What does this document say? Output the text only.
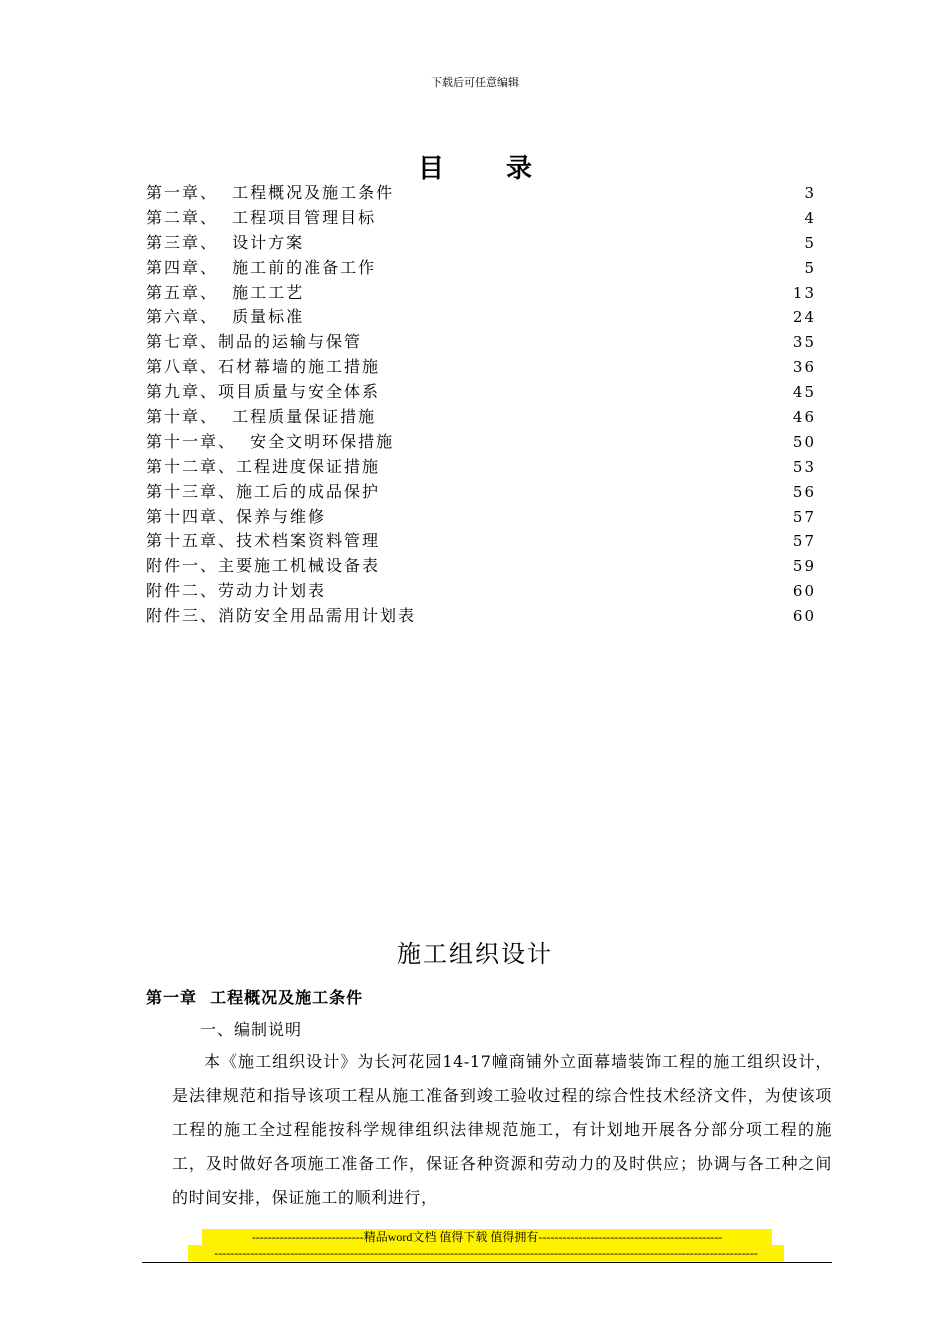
下载后可任意编辑
目录
第一章、  工程概况及施工条件	3
第二章、  工程项目管理目标	4
第三章、  设计方案	5
第四章、  施工前的准备工作	5
第五章、  施工工艺	13
第六章、  质量标准	24
第七章、制品的运输与保管	35
第八章、石材幕墙的施工措施	36
第九章、项目质量与安全体系	45
第十章、  工程质量保证措施	46
第十一章、  安全文明环保措施	50
第十二章、工程进度保证措施	53
第十三章、施工后的成品保护	56
第十四章、保养与维修	57
第十五章、技术档案资料管理	57
附件一、主要施工机械设备表	59
附件二、劳动力计划表	60
附件三、消防安全用品需用计划表	60
施工组织设计
第一章  工程概况及施工条件
一、编制说明
本《施工组织设计》为长河花园14-17幢商铺外立面幕墙装饰工程的施工组织设计，是法律规范和指导该项工程从施工准备到竣工验收过程的综合性技术经济文件，为使该项工程的施工全过程能按科学规律组织法律规范施工，有计划地开展各分部分项工程的施工，及时做好各项施工准备工作，保证各种资源和劳动力的及时供应；协调与各工种之间的时间安排，保证施工的顺利进行，
----------------------------精品word文档 值得下载 值得拥有----------------------------------------------
----------------------------------------------------------------------------------------------------------------------------------------
